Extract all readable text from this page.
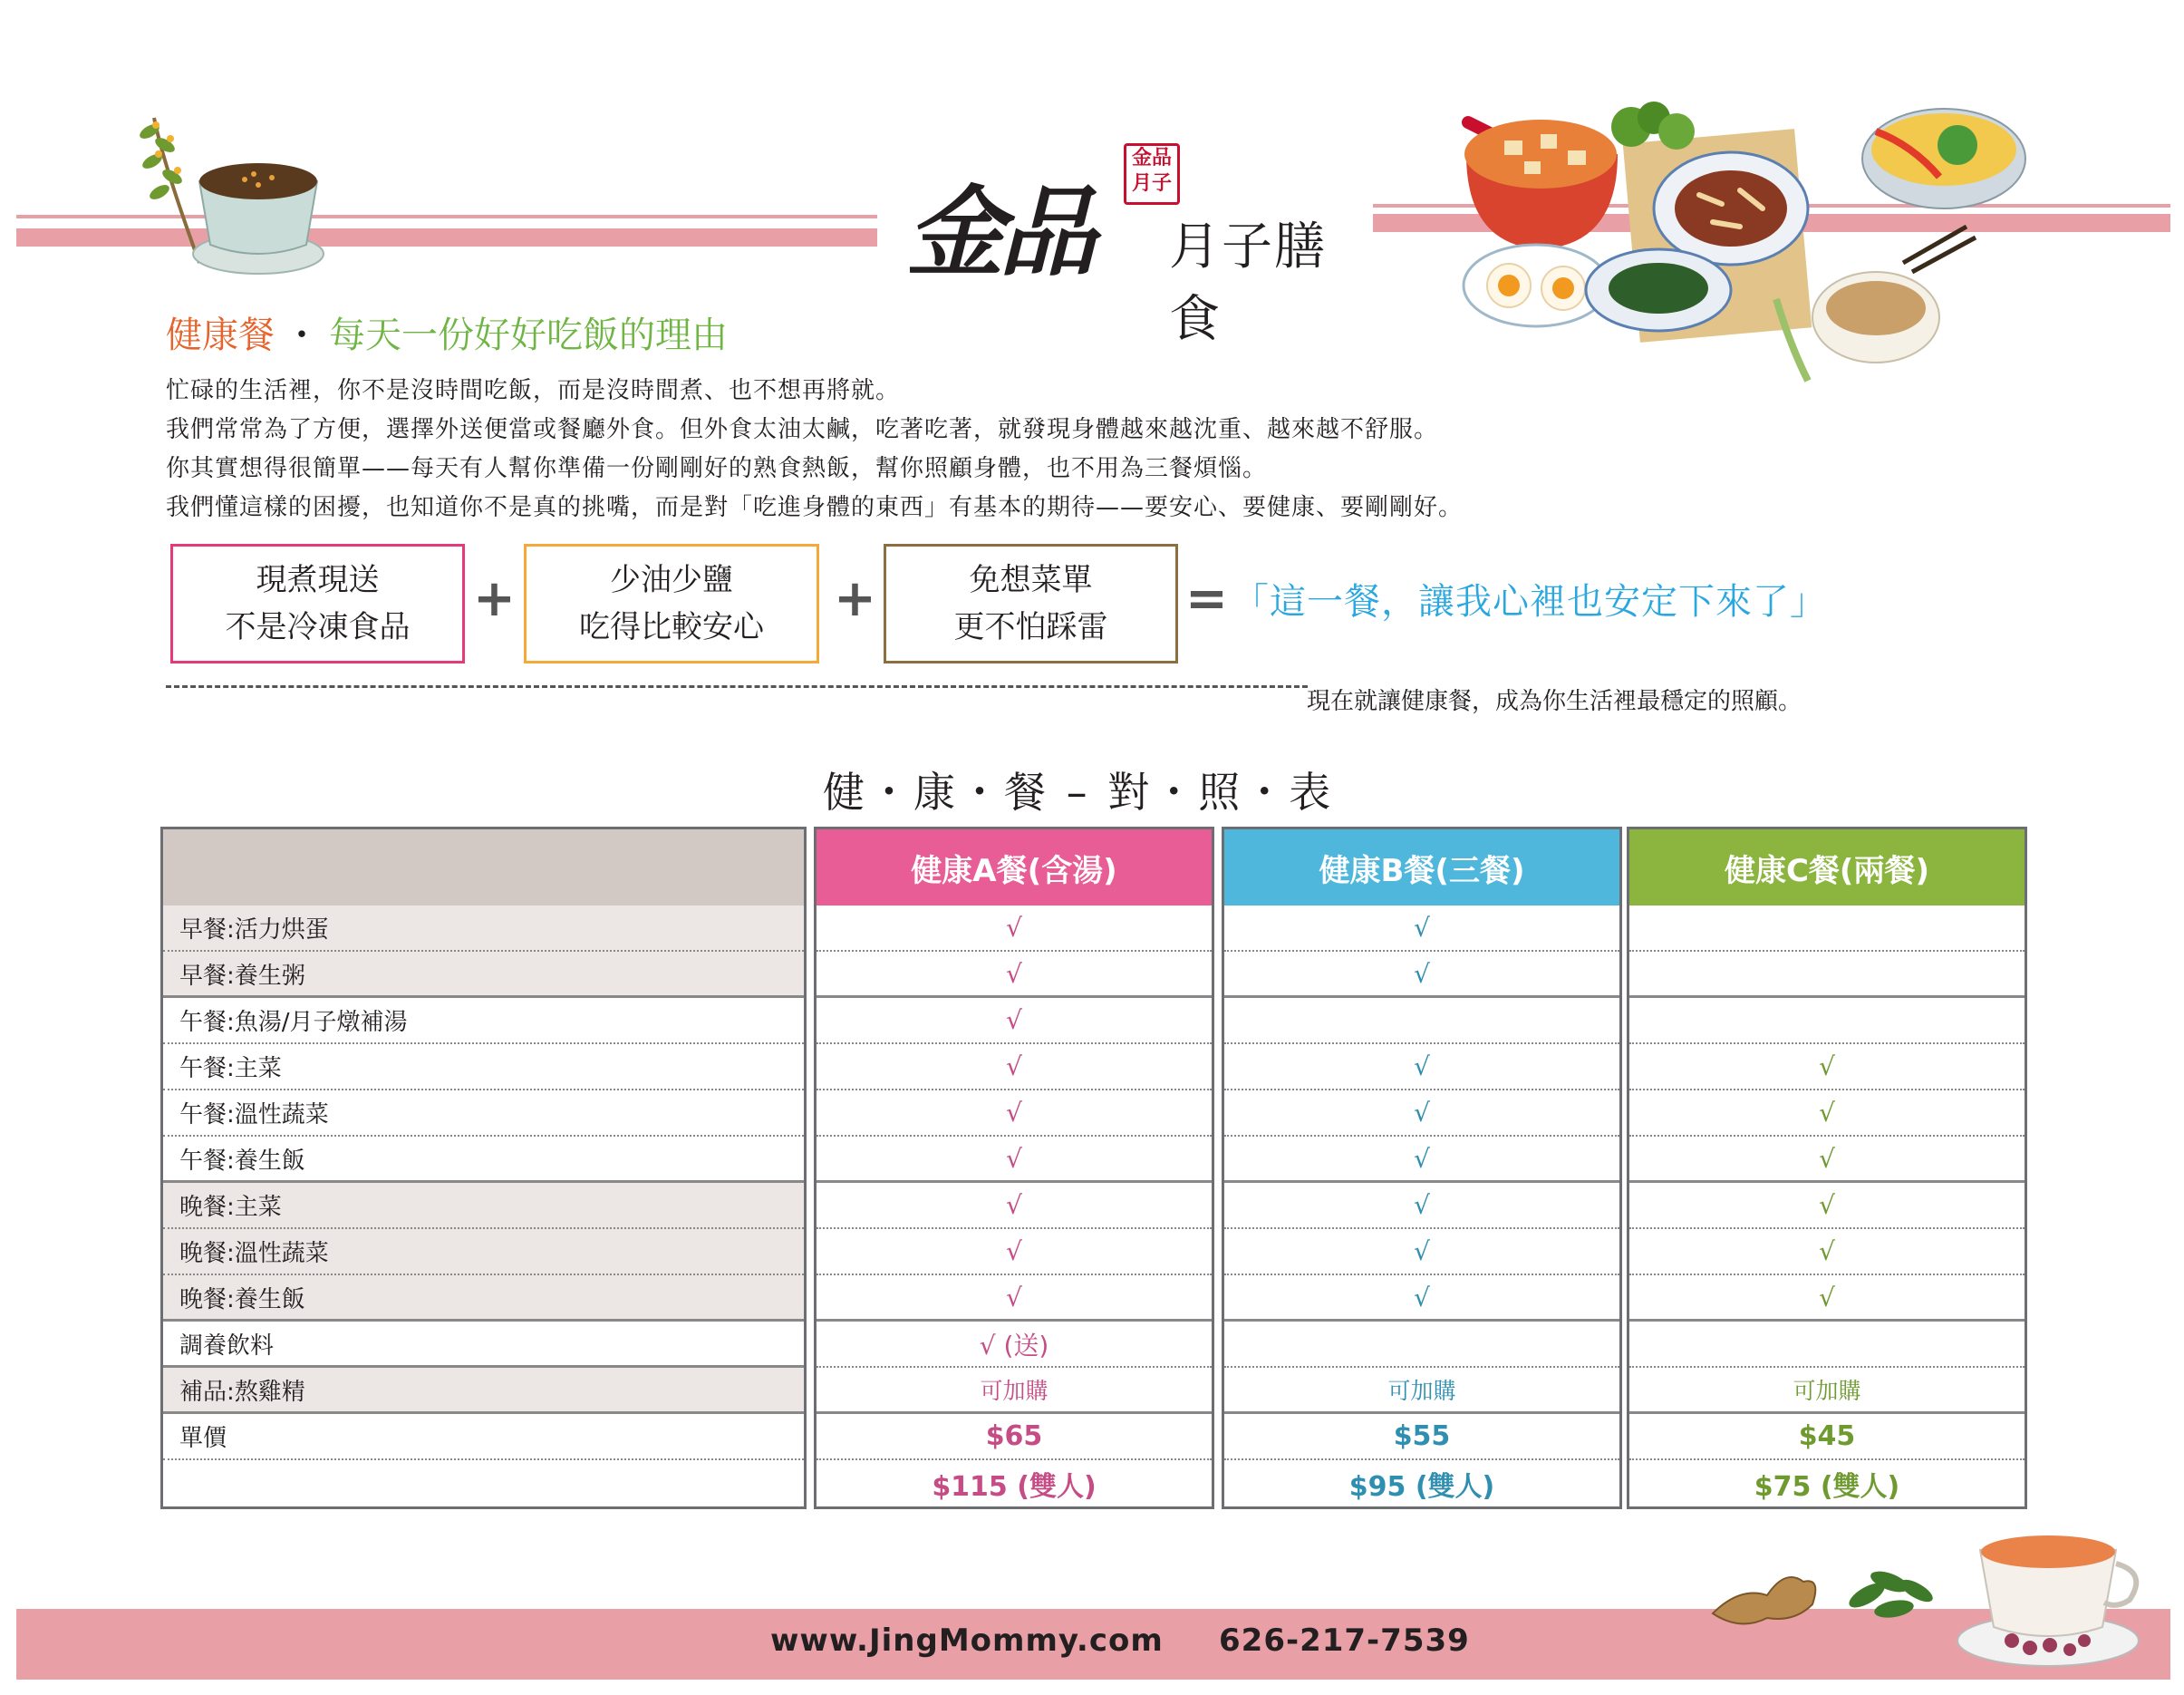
金品
金品月子
月子膳食
健康餐 ・ 每天一份好好吃飯的理由
忙碌的生活裡，你不是沒時間吃飯，而是沒時間煮、也不想再將就。
我們常常為了方便，選擇外送便當或餐廳外食。但外食太油太鹹，吃著吃著，就發現身體越來越沈重、越來越不舒服。
你其實想得很簡單——每天有人幫你準備一份剛剛好的熟食熱飯，幫你照顧身體，也不用為三餐煩惱。
我們懂這樣的困擾，也知道你不是真的挑嘴，而是對「吃進身體的東西」有基本的期待——要安心、要健康、要剛剛好。
現煮現送
不是冷凍食品 +	少油少鹽
吃得比較安心 +	免想菜單
更不怕踩雷 = 「這一餐，讓我心裡也安定下來了」
現在就讓健康餐，成為你生活裡最穩定的照顧。
健・康・餐 – 對・照・表
早餐:活力烘蛋
早餐:養生粥
午餐:魚湯/月子燉補湯
午餐:主菜
午餐:溫性蔬菜
午餐:養生飯
晚餐:主菜
晚餐:溫性蔬菜
晚餐:養生飯
調養飲料
補品:熬雞精
單價
健康A餐(含湯)
√
√
√
√
√
√
√
√
√
√ (送)
可加購
$65
$115 (雙人)
健康B餐(三餐)
√
√
√
√
√
√
√
√
可加購
$55
$95 (雙人)
健康C餐(兩餐)
√
√
√
√
√
√
可加購
$45
$75 (雙人)
www.JingMommy.com 626-217-7539
